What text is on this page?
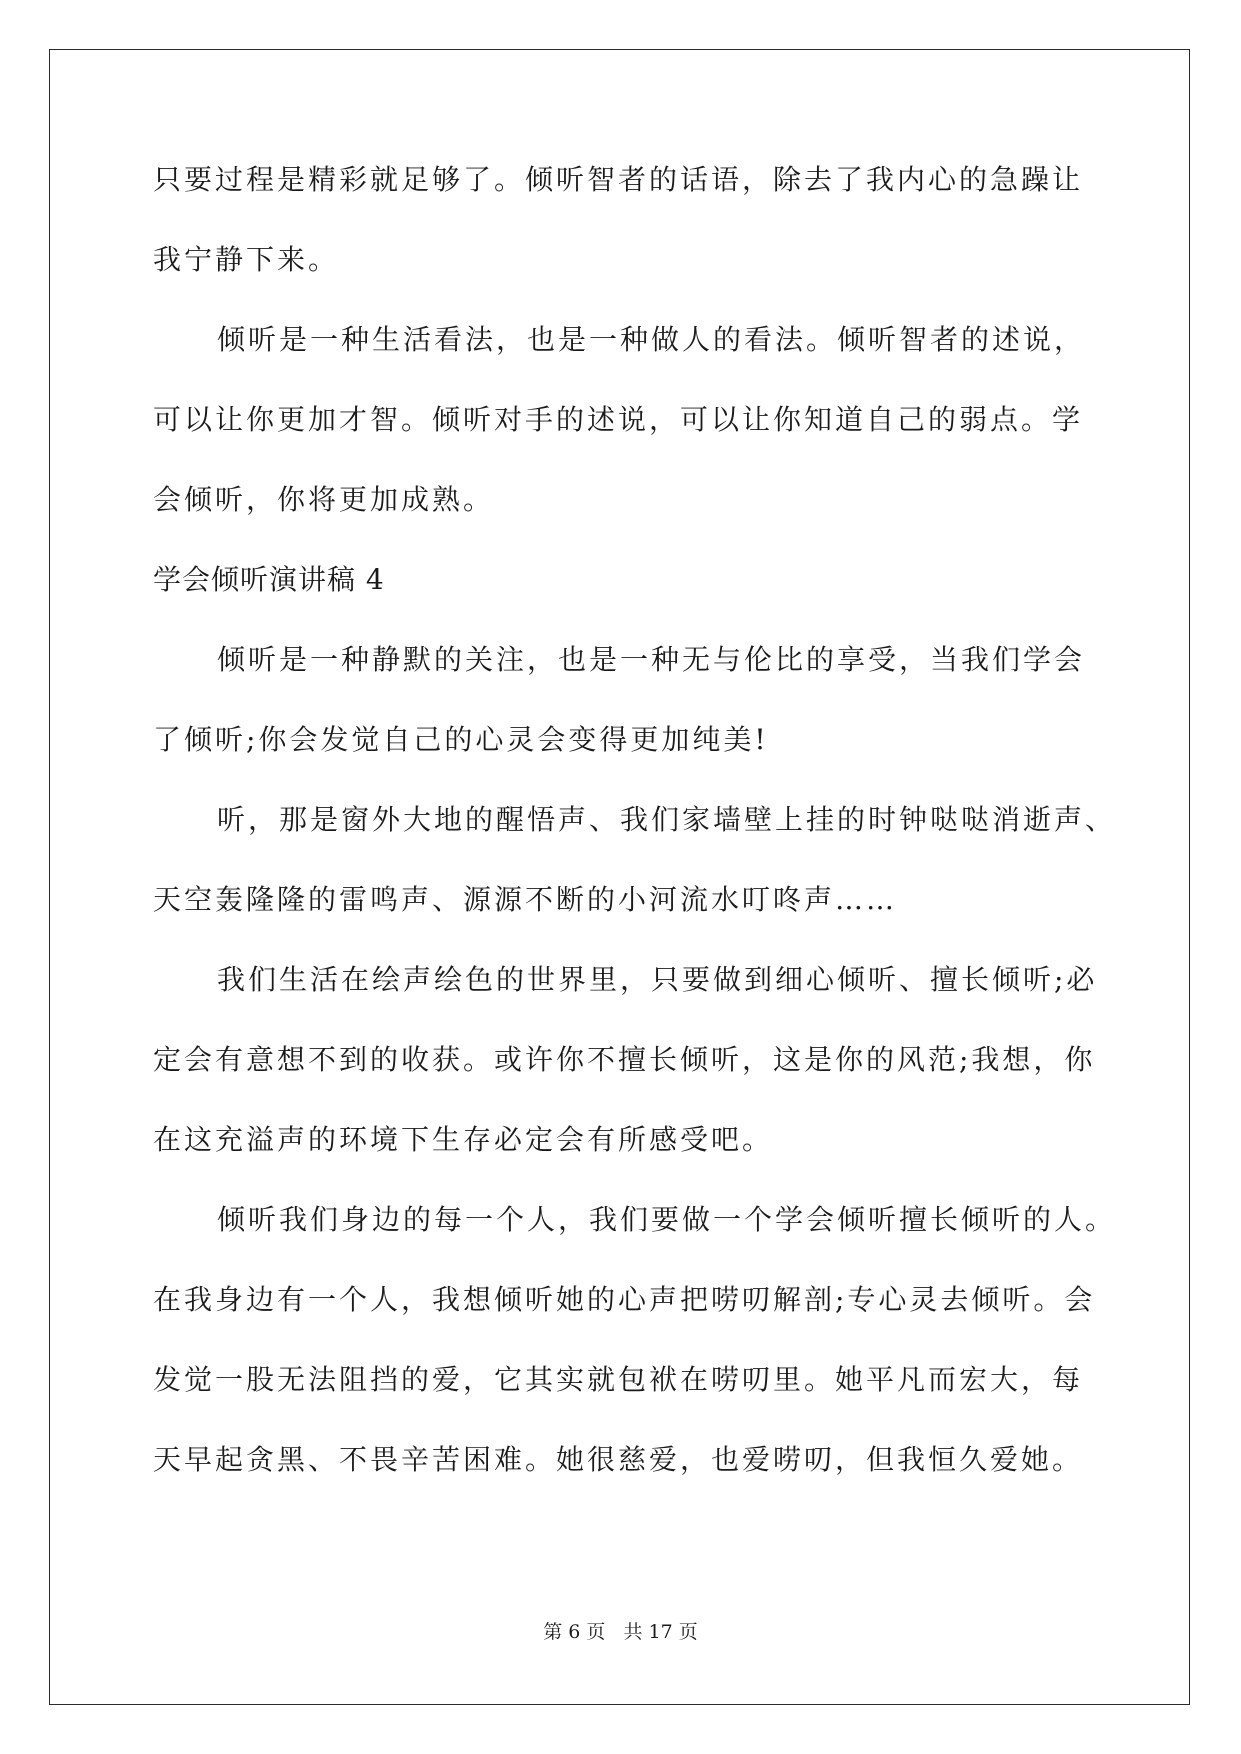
只要过程是精彩就足够了。倾听智者的话语，除去了我内心的急躁让
我宁静下来。
倾听是一种生活看法，也是一种做人的看法。倾听智者的述说，
可以让你更加才智。倾听对手的述说，可以让你知道自己的弱点。学
会倾听，你将更加成熟。
学会倾听演讲稿 4
倾听是一种静默的关注，也是一种无与伦比的享受，当我们学会
了倾听;你会发觉自己的心灵会变得更加纯美!
听，那是窗外大地的醒悟声、我们家墙壁上挂的时钟哒哒消逝声、
天空轰隆隆的雷鸣声、源源不断的小河流水叮咚声……
我们生活在绘声绘色的世界里，只要做到细心倾听、擅长倾听;必
定会有意想不到的收获。或许你不擅长倾听，这是你的风范;我想，你
在这充溢声的环境下生存必定会有所感受吧。
倾听我们身边的每一个人，我们要做一个学会倾听擅长倾听的人。
在我身边有一个人，我想倾听她的心声把唠叨解剖;专心灵去倾听。会
发觉一股无法阻挡的爱，它其实就包袱在唠叨里。她平凡而宏大，每
天早起贪黑、不畏辛苦困难。她很慈爱，也爱唠叨，但我恒久爱她。
第 6 页 共 17 页
